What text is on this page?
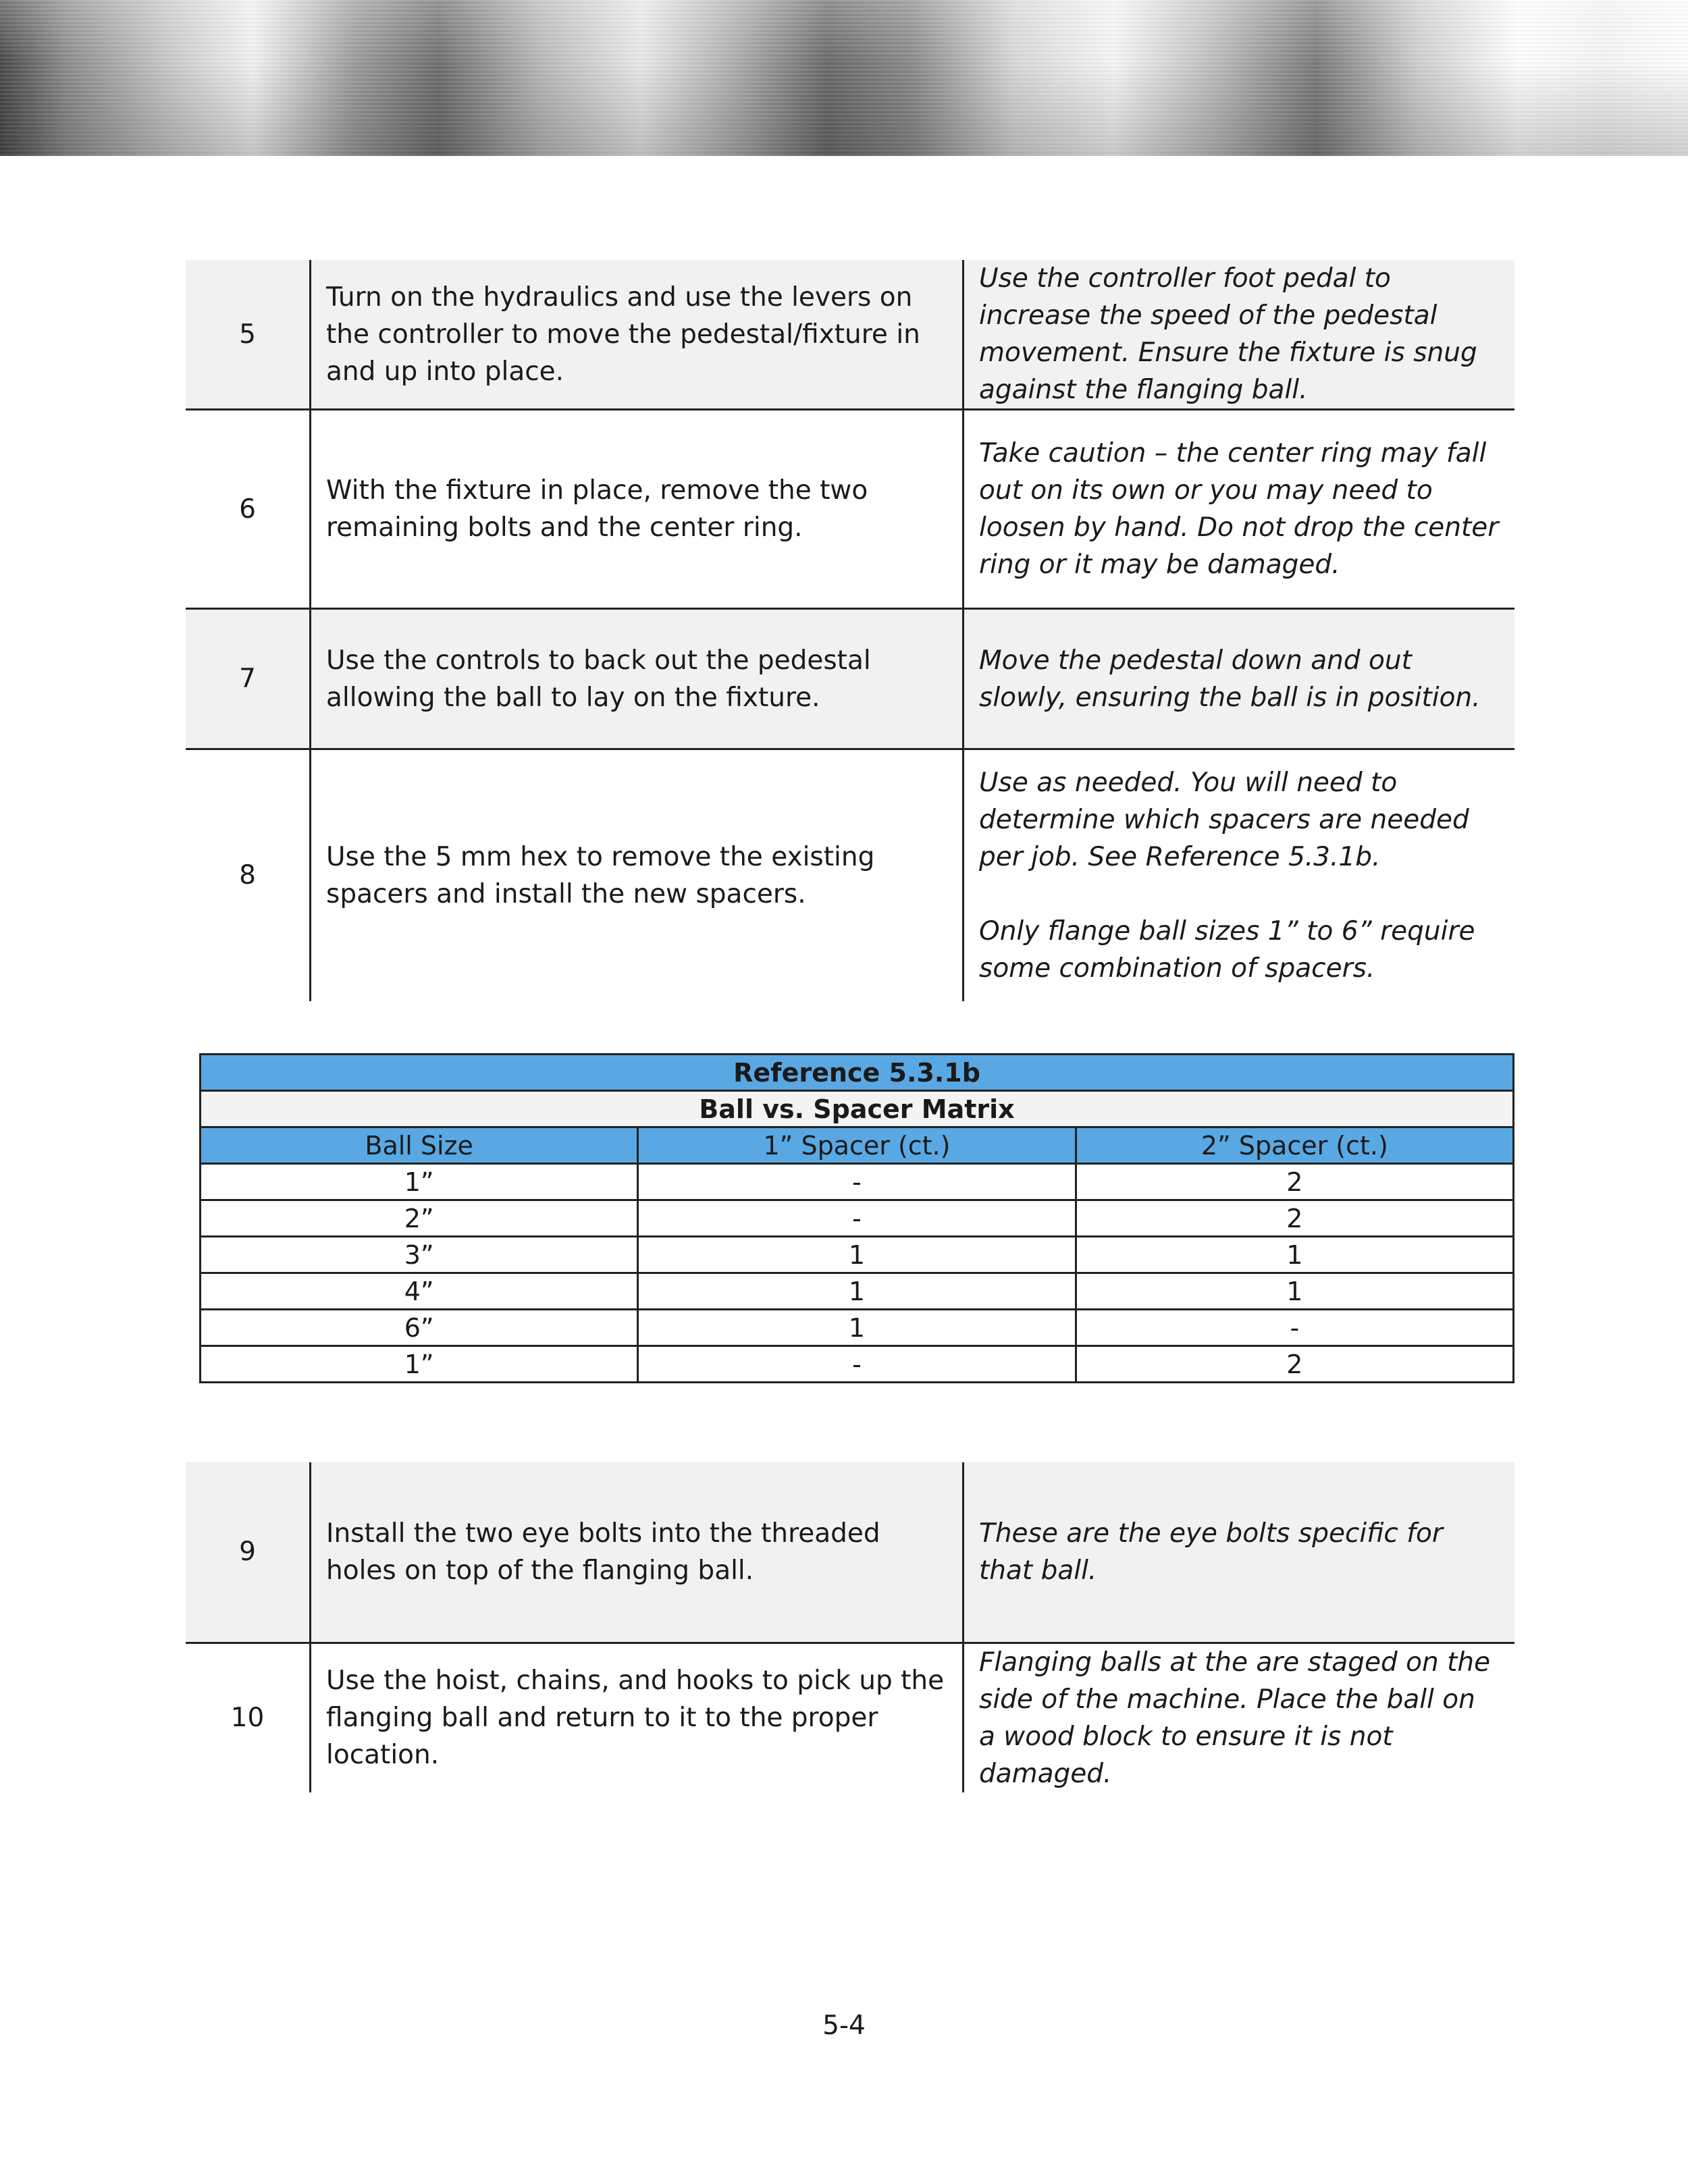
5	Turn on the hydraulics and use the levers on the controller to move the pedestal/fixture in and up into place.	Use the controller foot pedal to increase the speed of the pedestal movement. Ensure the fixture is snug against the flanging ball.
6	With the fixture in place, remove the two remaining bolts and the center ring.	Take caution – the center ring may fall out on its own or you may need to loosen by hand. Do not drop the center ring or it may be damaged.
7	Use the controls to back out the pedestal allowing the ball to lay on the fixture.	Move the pedestal down and out slowly, ensuring the ball is in position.
8	Use the 5 mm hex to remove the existing spacers and install the new spacers.	Use as needed. You will need to determine which spacers are needed per job. See Reference 5.3.1b.
Only flange ball sizes 1” to 6” require some combination of spacers.
Reference 5.3.1b		
Ball vs. Spacer Matrix		
Ball Size	1” Spacer (ct.)	2” Spacer (ct.)
1”	-	2
2”	-	2
3”	1	1
4”	1	1
6”	1	-
1”	-	2
9	Install the two eye bolts into the threaded holes on top of the flanging ball.	These are the eye bolts specific for that ball.
10	Use the hoist, chains, and hooks to pick up the flanging ball and return to it to the proper location.	Flanging balls at the are staged on the side of the machine. Place the ball on a wood block to ensure it is not damaged.
5-4
